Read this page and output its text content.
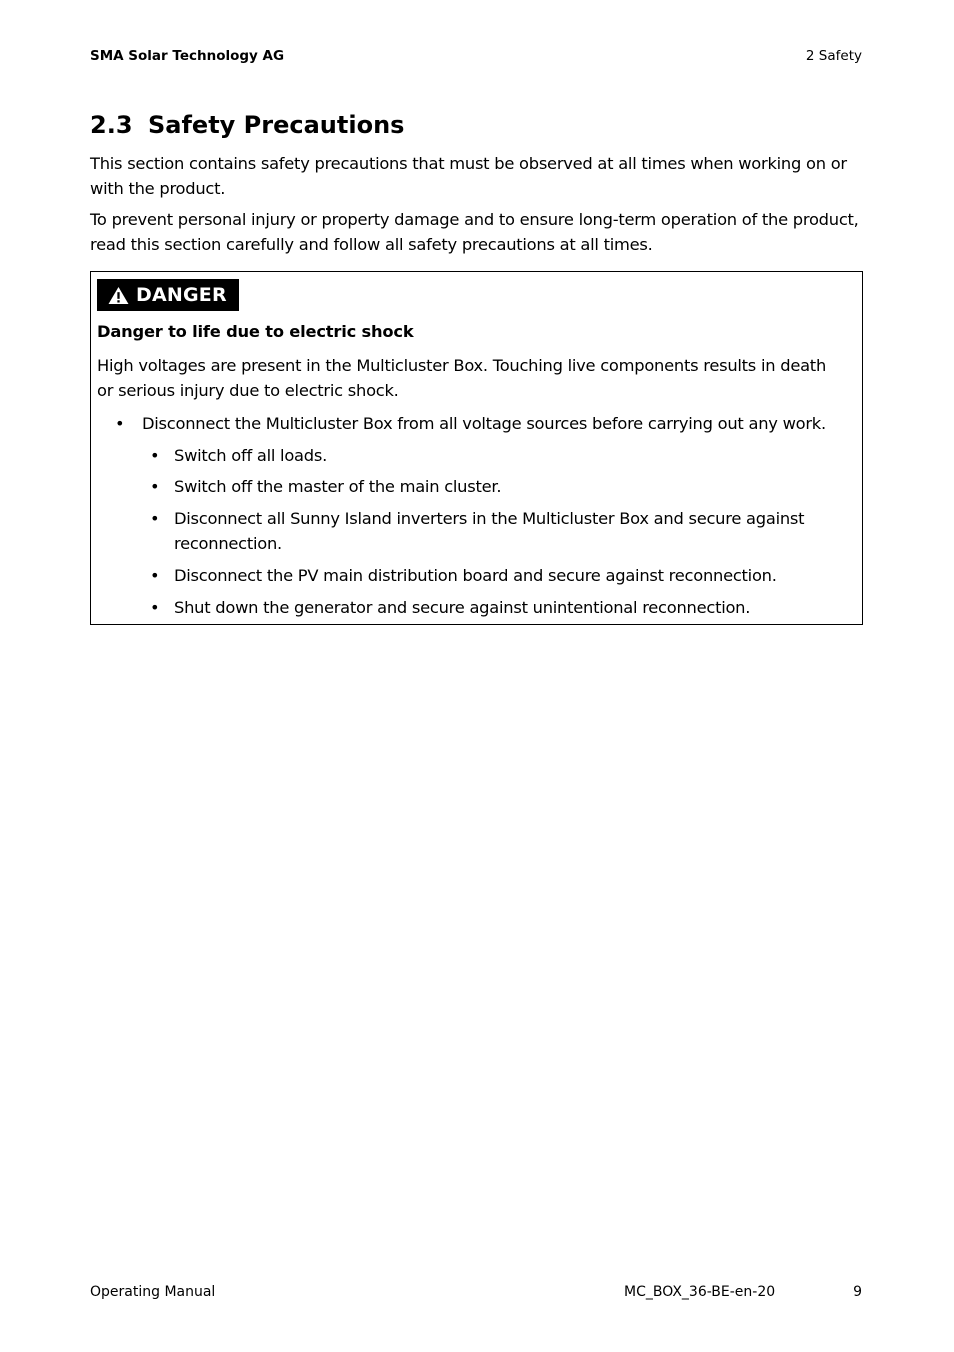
SMA Solar Technology AG	2 Safety
2.3 Safety Precautions

This section contains safety precautions that must be observed at all times when working on or with the product.

To prevent personal injury or property damage and to ensure long-term operation of the product, read this section carefully and follow all safety precautions at all times.

DANGER
Danger to life due to electric shock

High voltages are present in the Multicluster Box. Touching live components results in death or serious injury due to electric shock.

• Disconnect the Multicluster Box from all voltage sources before carrying out any work.
• Switch off all loads.
• Switch off the master of the main cluster.
• Disconnect all Sunny Island inverters in the Multicluster Box and secure against reconnection.
• Disconnect the PV main distribution board and secure against reconnection.
• Shut down the generator and secure against unintentional reconnection.
Operating Manual	MC_BOX_36-BE-en-20	9
